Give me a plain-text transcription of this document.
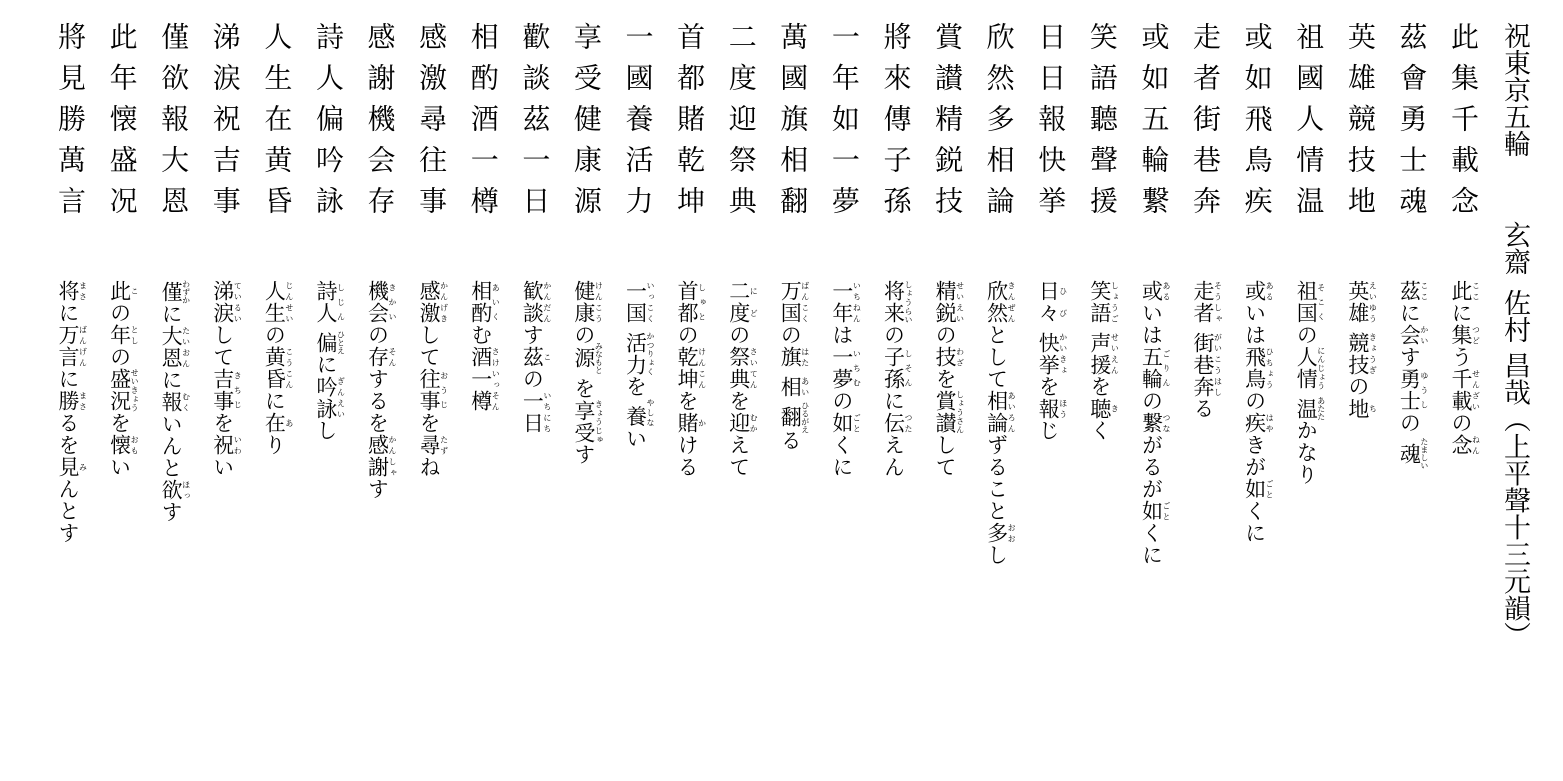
祝東京五輪玄齋佐村 昌哉（上平聲十三元韻）
此集千載念
茲會勇士魂
英雄競技地
祖國人情温
或如飛鳥疾
走者街巷奔
或如五輪繋
笑語聽聲援
日日報快挙
欣然多相論
賞讃精鋭技
將來傳子孫
一年如一夢
萬國旗相翻
二度迎祭典
首都賭乾坤
一國養活力
享受健康源
歡談茲一日
相酌酒一樽
感激尋往事
感謝機会存
詩人偏吟詠
人生在黄昏
涕涙祝吉事
僅欲報大恩
此年懐盛况
將見勝萬言
此ここに集つどう千載せんざいの念ねん
茲ここに会かいす勇士ゆうしの 魂たましい
英雄えいゆう 競技きょうぎの地ち
祖国そこくの人情にんじょう 温あたたかなり
或あるいは飛鳥ひちょうの疾はやきが如ごとくに
走者そうしゃ 街巷がいこう奔はしる
或あるいは五輪ごりんの繋つながるが如ごとくに
笑語しょうご 声援せいえんを聴きく
日々ひび 快挙かいきょを報ほうじ
欣然きんぜんとして相論あいろんずること多おおし
精鋭せいえいの技わざを賞讃しょうさんして
将来しょうらいの子孫しそんに伝つたえん
一年いちねんは一夢いちむの如ごとくに
万国ばんこくの旗はた 相あい 翻ひるがえる
二度にどの祭典さいてんを迎むかえて
首都しゅとの乾坤けんこんを賭かける
一国いっこく 活力かつりょくを 養やしない
健康けんこうの源みなもと を享受きょうじゅす
歓談かんだんす茲この一日いちにち
相酌あいくむ酒一樽さけいっそん
感激かんげきして往事おうじを尋たずね
機会きかいの存そんするを感謝かんしゃす
詩人しじん 偏ひとえに吟詠ぎんえいし
人生じんせいの黄昏こうこんに在あり
涕涙ているいして吉事きちじを祝いわい
僅わずかに大恩たいおんに報むくいんと欲ほっす
此この年としの盛況せいきょうを懐おもい
将まさに万言ばんげんに勝まさるを見みんとす
